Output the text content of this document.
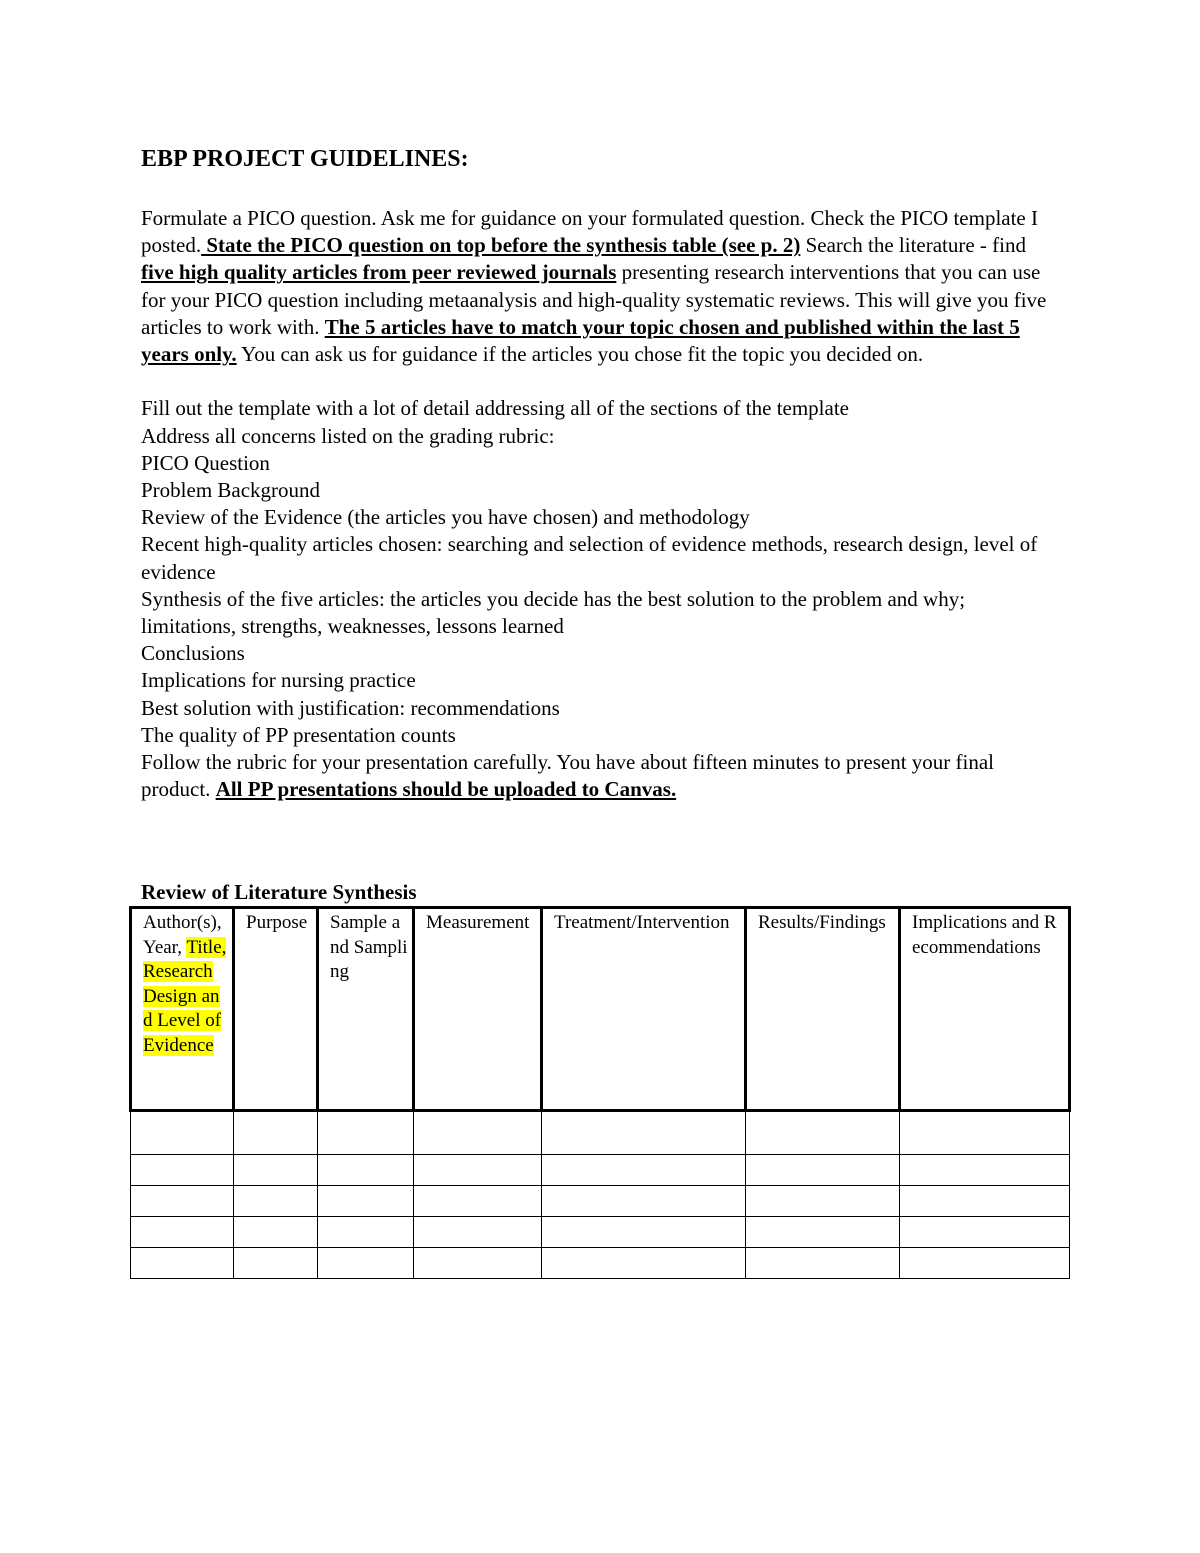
EBP PROJECT GUIDELINES:

Formulate a PICO question. Ask me for guidance on your formulated question. Check the PICO template I posted. State the PICO question on top before the synthesis table (see p. 2) Search the literature - find five high quality articles from peer reviewed journals presenting research interventions that you can use for your PICO question including metaanalysis and high-quality systematic reviews. This will give you five articles to work with. The 5 articles have to match your topic chosen and published within the last 5 years only. You can ask us for guidance if the articles you chose fit the topic you decided on.

Fill out the template with a lot of detail addressing all of the sections of the template
Address all concerns listed on the grading rubric:
PICO Question
Problem Background
Review of the Evidence (the articles you have chosen) and methodology
Recent high-quality articles chosen: searching and selection of evidence methods, research design, level of evidence
Synthesis of the five articles: the articles you decide has the best solution to the problem and why; limitations, strengths, weaknesses, lessons learned
Conclusions
Implications for nursing practice
Best solution with justification: recommendations
The quality of PP presentation counts

Follow the rubric for your presentation carefully. You have about fifteen minutes to present your final product. All PP presentations should be uploaded to Canvas.

Review of Literature Synthesis
Author(s), Year, Title, Research Design and Level of Evidence	Purpose	Sample and Sampling	Measurement	Treatment/Intervention	Results/Findings	Implications and Recommendations
